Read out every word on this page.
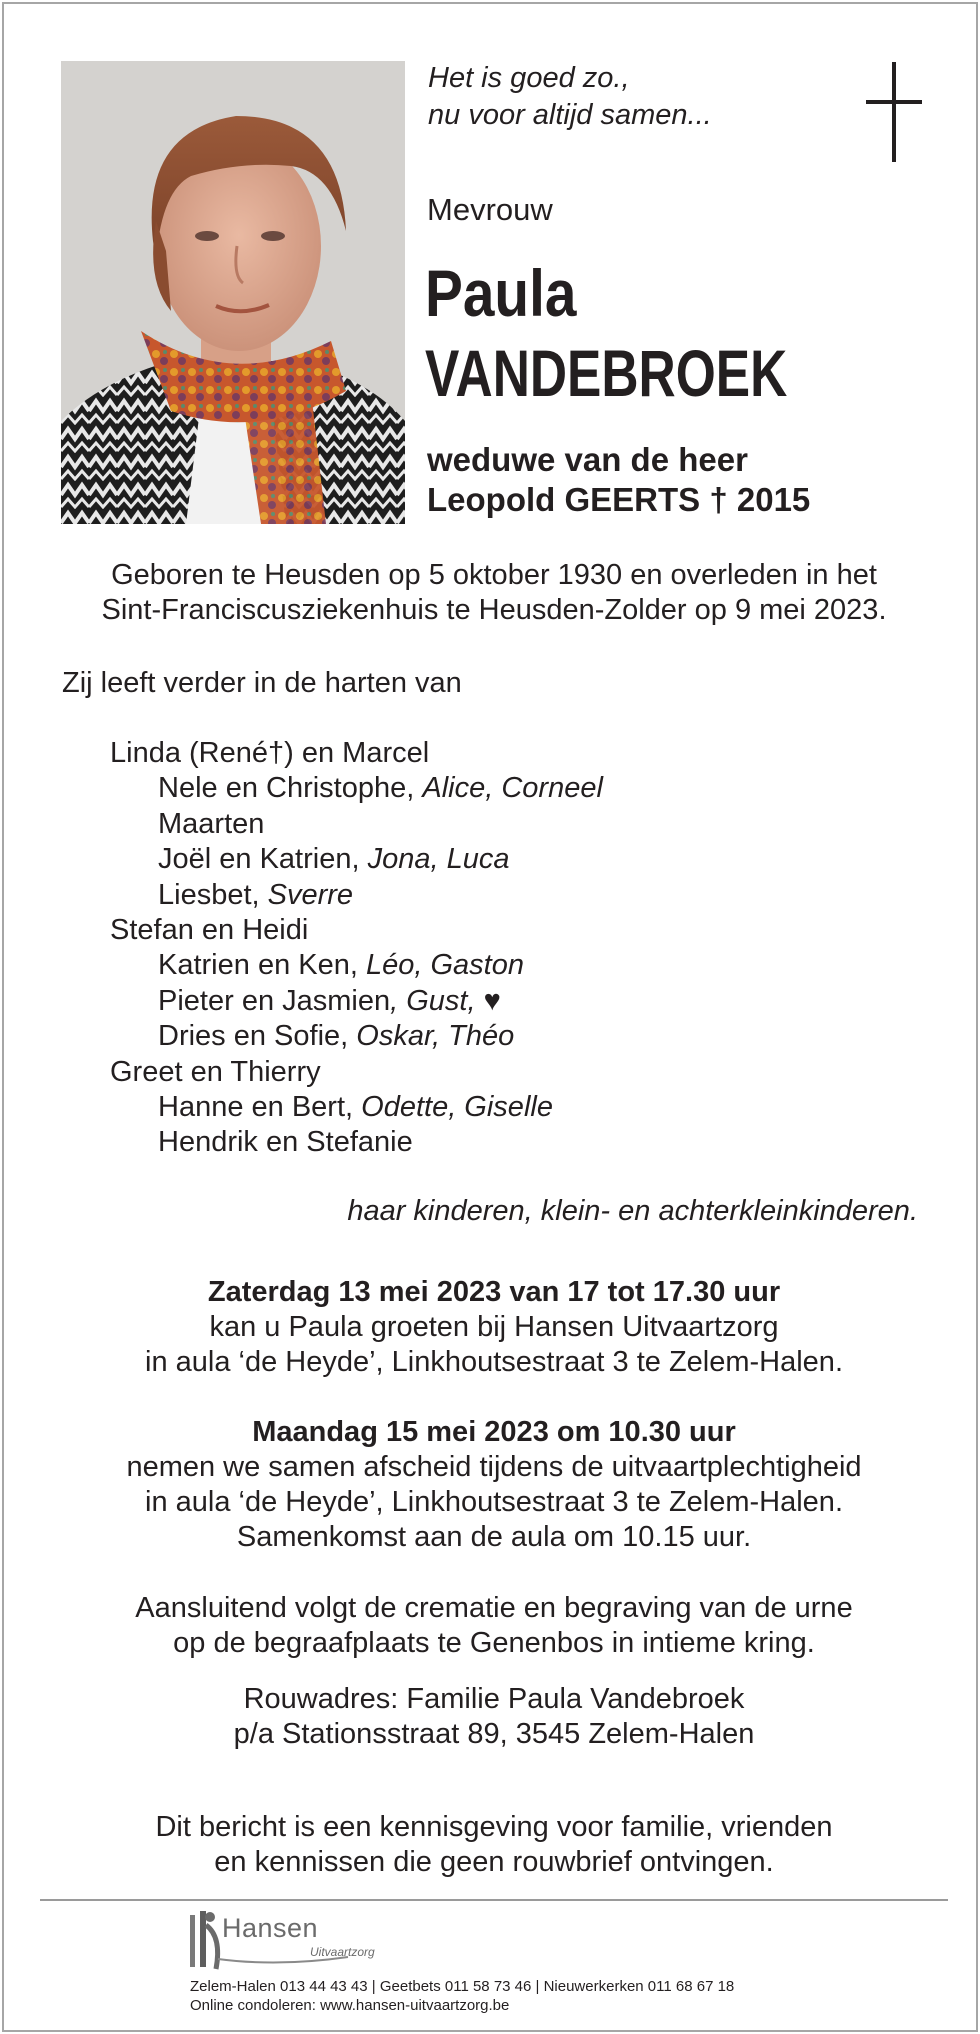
Het is goed zo.,
nu voor altijd samen...
Mevrouw
Paula
VANDEBROEK
weduwe van de heer
Leopold GEERTS † 2015
Geboren te Heusden op 5 oktober 1930 en overleden in het
Sint-Franciscusziekenhuis te Heusden-Zolder op 9 mei 2023.
Zij leeft verder in de harten van
Linda (René†) en Marcel
Nele en Christophe, Alice, Corneel
Maarten
Joël en Katrien, Jona, Luca
Liesbet, Sverre
Stefan en Heidi
Katrien en Ken, Léo, Gaston
Pieter en Jasmien, Gust, ♥
Dries en Sofie, Oskar, Théo
Greet en Thierry
Hanne en Bert, Odette, Giselle
Hendrik en Stefanie
haar kinderen, klein- en achterkleinkinderen.
Zaterdag 13 mei 2023 van 17 tot 17.30 uur
kan u Paula groeten bij Hansen Uitvaartzorg
in aula ‘de Heyde’, Linkhoutsestraat 3 te Zelem-Halen.
Maandag 15 mei 2023 om 10.30 uur
nemen we samen afscheid tijdens de uitvaartplechtigheid
in aula ‘de Heyde’, Linkhoutsestraat 3 te Zelem-Halen.
Samenkomst aan de aula om 10.15 uur.
Aansluitend volgt de crematie en begraving van de urne
op de begraafplaats te Genenbos in intieme kring.
Rouwadres: Familie Paula Vandebroek
p/a Stationsstraat 89, 3545 Zelem-Halen
Dit bericht is een kennisgeving voor familie, vrienden
en kennissen die geen rouwbrief ontvingen.
Hansen
Uitvaartzorg
Zelem-Halen 013 44 43 43 | Geetbets 011 58 73 46 | Nieuwerkerken 011 68 67 18
Online condoleren: www.hansen-uitvaartzorg.be
